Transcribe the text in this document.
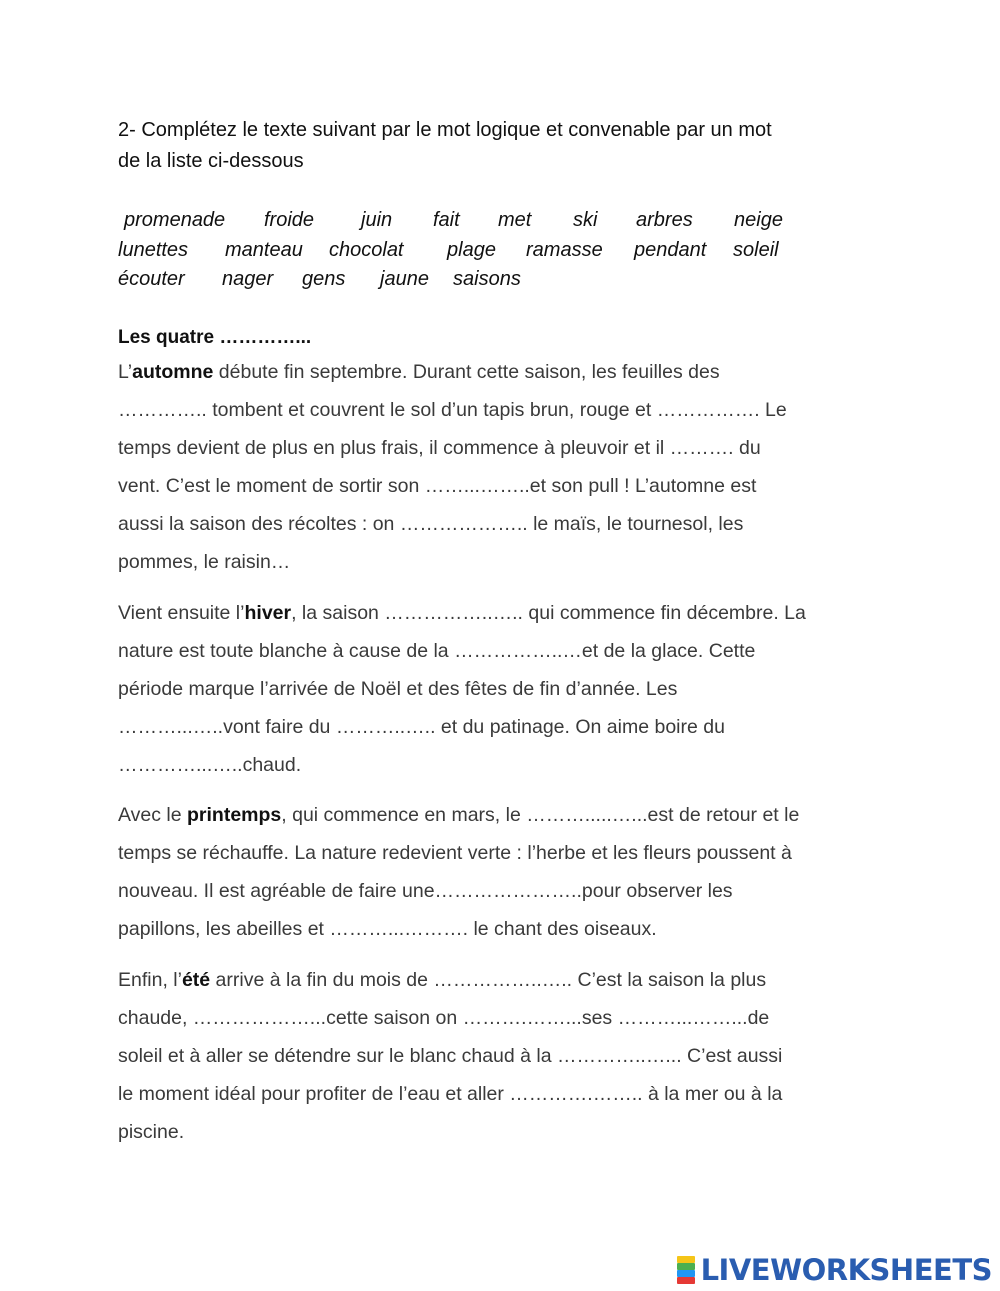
2- Complétez le texte suivant par le mot logique et convenable par un mot
de la liste ci-dessous
promenade froide juin fait met ski arbres neige
lunettes manteau chocolat plage ramasse pendant soleil
écouter nager gens jaune saisons
Les quatre …………...
L’automne débute fin septembre. Durant cette saison, les feuilles des
………….. tombent et couvrent le sol d’un tapis brun, rouge et ……………. Le
temps devient de plus en plus frais, il commence à pleuvoir et il ………. du
vent. C’est le moment de sortir son ……...……..et son pull ! L’automne est
aussi la saison des récoltes : on ……………….. le maïs, le tournesol, les
pommes, le raisin…
Vient ensuite l’hiver, la saison ……………..….. qui commence fin décembre. La
nature est toute blanche à cause de la ……………..…et de la glace. Cette
période marque l’arrivée de Noël et des fêtes de fin d’année. Les
………...…..vont faire du ………..….. et du patinage. On aime boire du
…………...…..chaud.
Avec le printemps, qui commence en mars, le ……….....…...est de retour et le
temps se réchauffe. La nature redevient verte : l’herbe et les fleurs poussent à
nouveau. Il est agréable de faire une…………………..pour observer les
papillons, les abeilles et ………...………. le chant des oiseaux.
Enfin, l’été arrive à la fin du mois de ……………..….. C’est la saison la plus
chaude, ………………...cette saison on ……….……...ses ………...……...de
soleil et à aller se détendre sur le blanc chaud à la …………..…... C’est aussi
le moment idéal pour profiter de l’eau et aller ………….…….. à la mer ou à la
piscine.
LIVEWORKSHEETS
